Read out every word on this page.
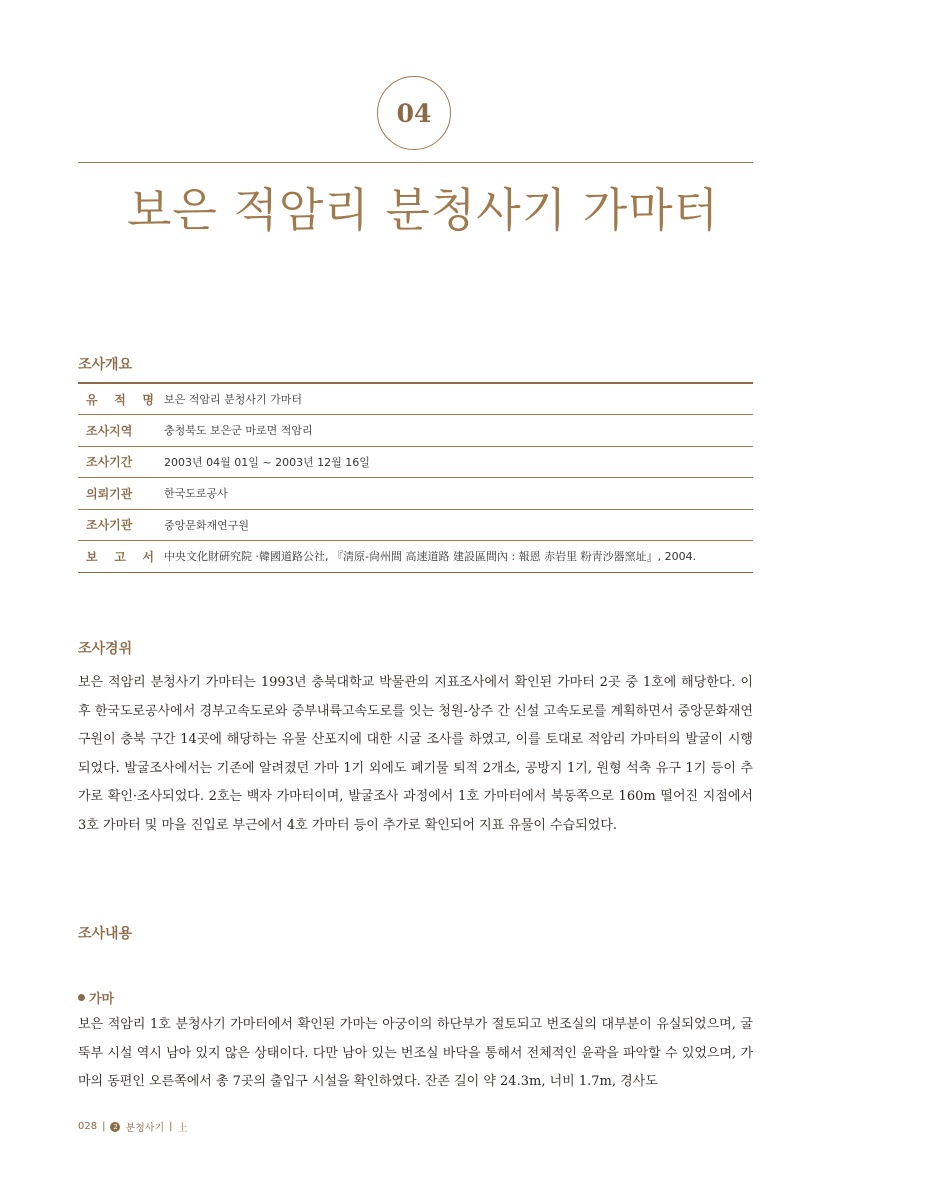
04
보은 적암리 분청사기 가마터
조사개요
유 적 명		보은 적암리 분청사기 가마터
조사지역		충청북도 보은군 마로면 적암리
조사기간		2003년 04월 01일 ~ 2003년 12월 16일
의뢰기관		한국도로공사
조사기관		중앙문화재연구원
보 고 서		中央文化財硏究院 ·韓國道路公社, 『淸原-尙州間 高速道路 建設區間內 : 報恩 赤岩里 粉靑沙器窯址』, 2004.
조사경위

보은 적암리 분청사기 가마터는 1993년 충북대학교 박물관의 지표조사에서 확인된 가마터 2곳 중 1호에 해당한다. 이후 한국도로공사에서 경부고속도로와 중부내륙고속도로를 잇는 청원-상주 간 신설 고속도로를 계획하면서 중앙문화재연구원이 충북 구간 14곳에 해당하는 유물 산포지에 대한 시굴 조사를 하였고, 이를 토대로 적암리 가마터의 발굴이 시행되었다. 발굴조사에서는 기존에 알려졌던 가마 1기 외에도 폐기물 퇴적 2개소, 공방지 1기, 원형 석축 유구 1기 등이 추가로 확인·조사되었다. 2호는 백자 가마터이며, 발굴조사 과정에서 1호 가마터에서 북동쪽으로 160m 떨어진 지점에서 3호 가마터 및 마을 진입로 부근에서 4호 가마터 등이 추가로 확인되어 지표 유물이 수습되었다.

조사내용
가마

보은 적암리 1호 분청사기 가마터에서 확인된 가마는 아궁이의 하단부가 절토되고 번조실의 대부분이 유실되었으며, 굴뚝부 시설 역시 남아 있지 않은 상태이다. 다만 남아 있는 번조실 바닥을 통해서 전체적인 윤곽을 파악할 수 있었으며, 가마의 동편인 오른쪽에서 총 7곳의 출입구 시설을 확인하였다. 잔존 길이 약 24.3m, 너비 1.7m, 경사도

028 |	2 분청사기 | 上
